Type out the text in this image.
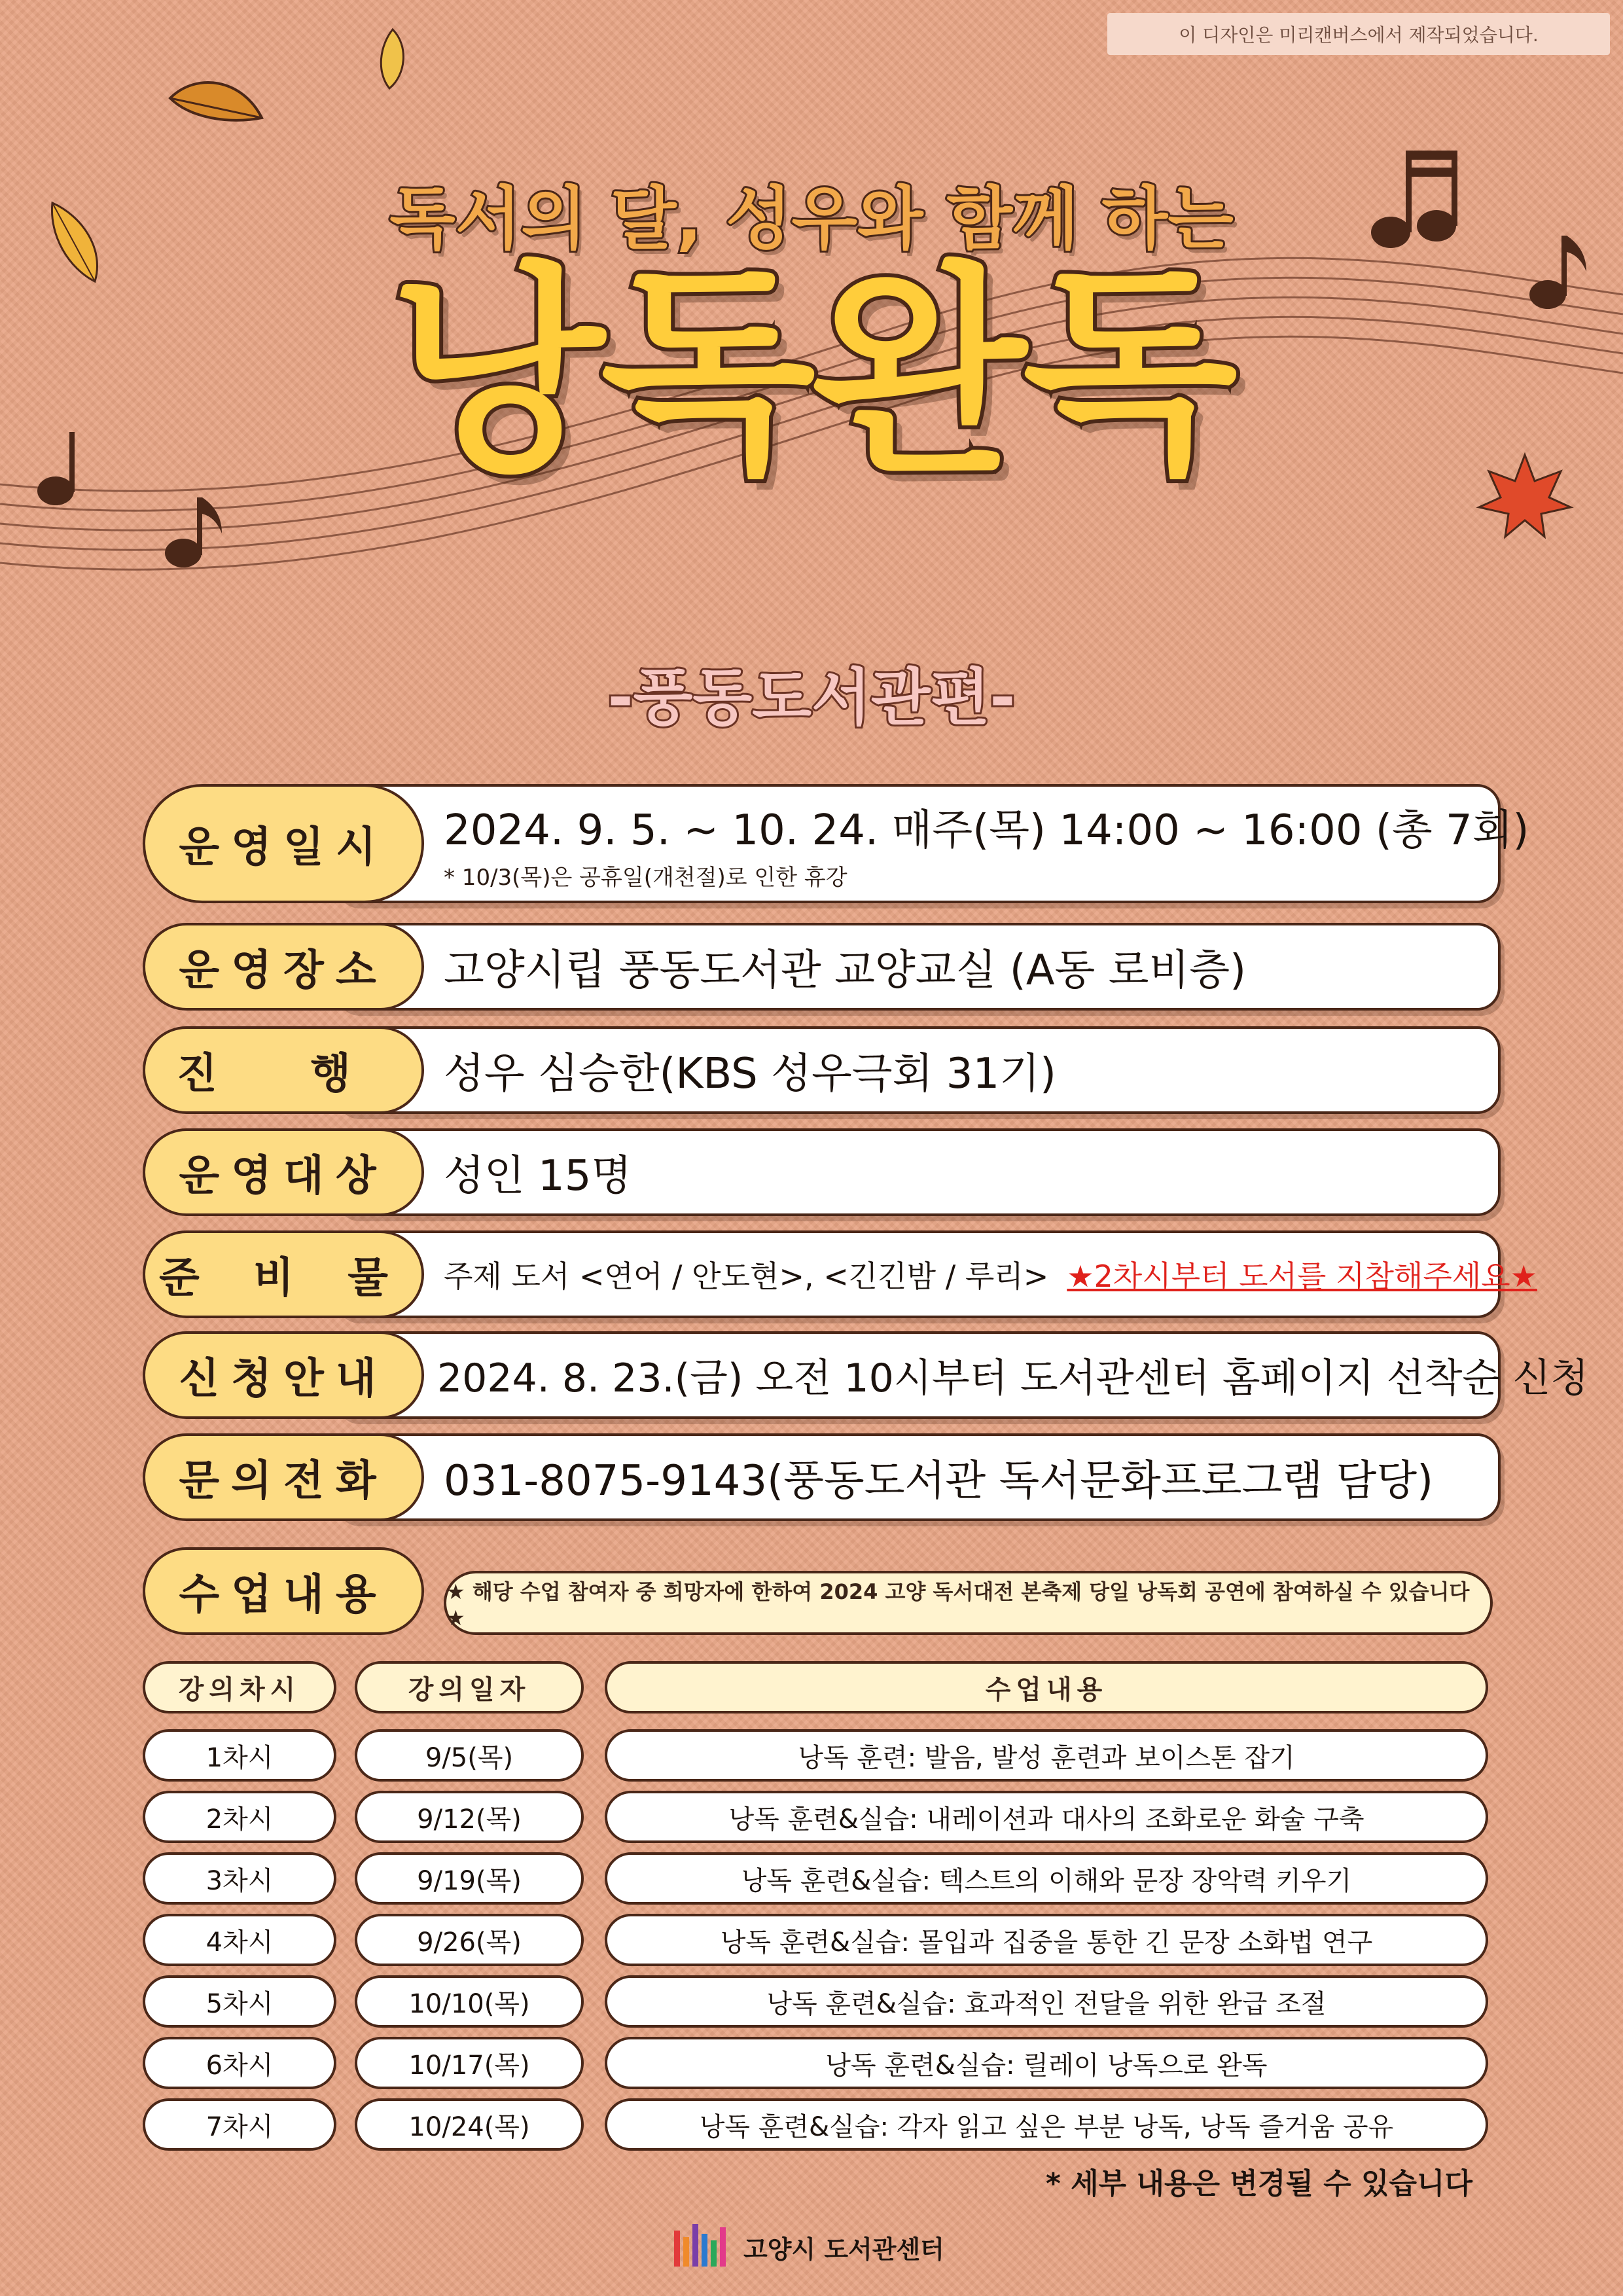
이 디자인은 미리캔버스에서 제작되었습니다.
독서의 달, 성우와 함께 하는
낭독완독
-풍동도서관편-
운영일시	2024. 9. 5. ~ 10. 24. 매주(목) 14:00 ~ 16:00 (총 7회)
* 10/3(목)은 공휴일(개천절)로 인한 휴강
운영장소	고양시립 풍동도서관 교양교실 (A동 로비층)
진 행	성우 심승한(KBS 성우극회 31기)
운영대상	성인 15명
준 비 물	주제 도서 <연어 / 안도현>, <긴긴밤 / 루리> ★2차시부터 도서를 지참해주세요★
신청안내	2024. 8. 23.(금) 오전 10시부터 도서관센터 홈페이지 선착순 신청
문의전화	031-8075-9143(풍동도서관 독서문화프로그램 담당)
수업내용	★ 해당 수업 참여자 중 희망자에 한하여 2024 고양 독서대전 본축제 당일 낭독회 공연에 참여하실 수 있습니다 ★
강의차시	강의일자	수업내용
1차시	9/5(목)	낭독 훈련: 발음, 발성 훈련과 보이스톤 잡기
2차시	9/12(목)	낭독 훈련&실습: 내레이션과 대사의 조화로운 화술 구축
3차시	9/19(목)	낭독 훈련&실습: 텍스트의 이해와 문장 장악력 키우기
4차시	9/26(목)	낭독 훈련&실습: 몰입과 집중을 통한 긴 문장 소화법 연구
5차시	10/10(목)	낭독 훈련&실습: 효과적인 전달을 위한 완급 조절
6차시	10/17(목)	낭독 훈련&실습: 릴레이 낭독으로 완독
7차시	10/24(목)	낭독 훈련&실습: 각자 읽고 싶은 부분 낭독, 낭독 즐거움 공유
* 세부 내용은 변경될 수 있습니다
고양시 도서관센터
